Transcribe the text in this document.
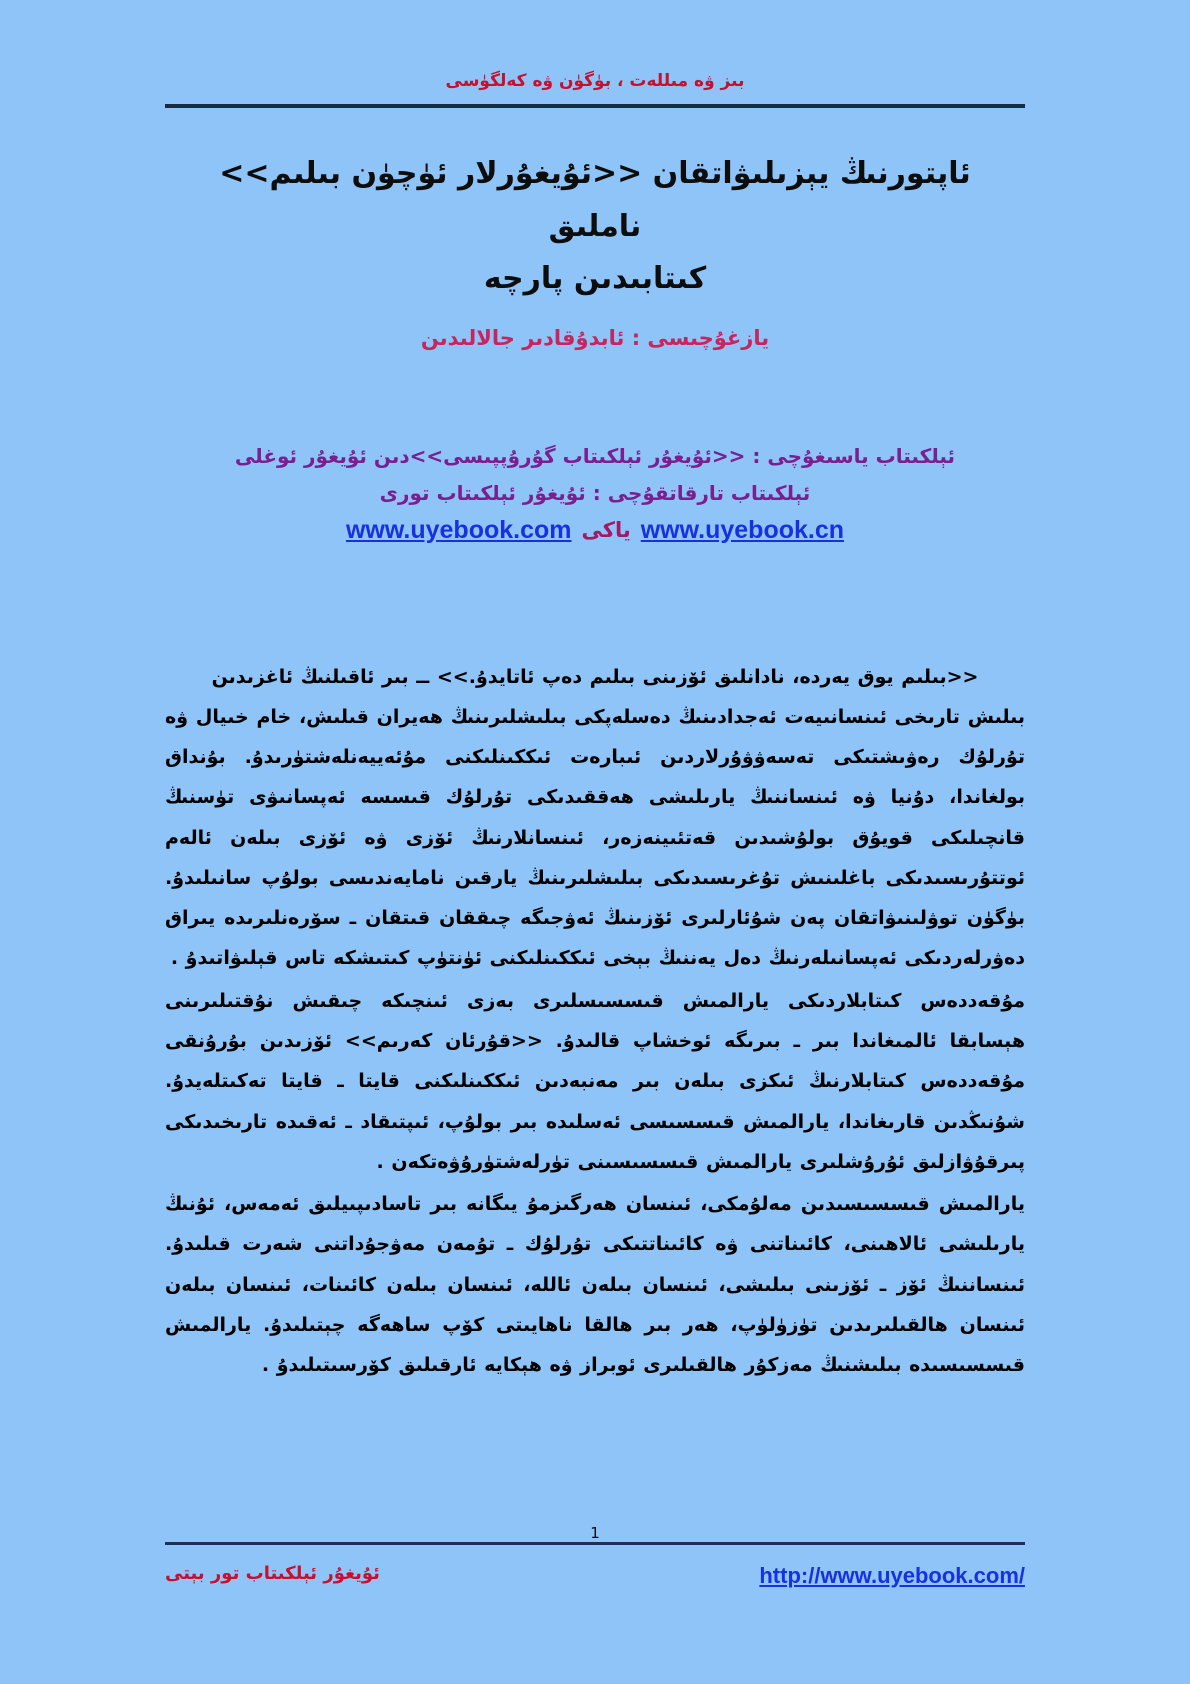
بىز ۋە مىللەت ، بۈگۈن ۋە كەلگۈسى
ئاپتورنىڭ يېزىلىۋاتقان <<ئۇيغۇرلار ئۈچۈن بىلىم>> ناملىق
كىتابىدىن پارچە
يازغۇچىسى : ئابدۇقادىر جالالىدىن
ئېلكىتاب ياسىغۇچى : <<ئۇيغۇر ئېلكىتاب گۇرۇپپىسى>>دىن ئۇيغۇر ئوغلى
ئېلكىتاب تارقاتقۇچى : ئۇيغۇر ئېلكىتاب تورى
www.uyebook.cn ياكى www.uyebook.com

<<بىلىم يوق يەردە، نادانلىق ئۆزىنى بىلىم دەپ ئاتايدۇ.>> ــ بىر ئاقىلنىڭ ئاغزىدىن
بىلىش تارىخى ئىنسانىيەت ئەجدادىنىڭ دەسلەپكى بىلىشلىرىنىڭ ھەيران قىلىش، خام خىيال ۋە تۇرلۇك رەۋىشتىكى تەسەۋۋۇرلاردىن ئىبارەت ئىككىنلىكنى مۇئەييەنلەشتۈرىدۇ. بۇنداق بولغاندا، دۇنيا ۋە ئىنساننىڭ يارىلىشى ھەققىدىكى تۇرلۇك قىسسە ئەپسانىۋى تۈسنىڭ قانچىلىكى قويۇق بولۇشىدىن قەتئىينەزەر، ئىنسانلارنىڭ ئۆزى ۋە ئۆزى بىلەن ئالەم ئوتتۇرىسىدىكى باغلىنىش تۇغرىسىدىكى بىلىشلىرىنىڭ يارقىن نامايەندىسى بولۇپ سانىلىدۇ. بۈگۈن توۋلىنىۋاتقان پەن شۇئارلىرى ئۆزىنىڭ ئەۋجىگە چىققان قىتقان ـ سۆرەنلىرىدە يىراق دەۋرلەردىكى ئەپسانىلەرنىڭ دەل يەننىڭ بېخى ئىككىنلىكنى ئۈنتۈپ كىتىشكە تاس قېلىۋاتىدۇ .

مۇقەددەس كىتابلاردىكى يارالمىش قىسسىسلىرى بەزى ئىنچىكە چىقىش نۇقتىلىرىنى ھېسابقا ئالمىغاندا بىر ـ بىرىگە ئوخشاپ قالىدۇ. <<قۇرئان كەرىم>> ئۆزىدىن بۇرۇنقى مۇقەددەس كىتابلارنىڭ ئىكزى بىلەن بىر مەنبەدىن ئىككىنلىكنى قايتا ـ قايتا تەكىتلەيدۇ. شۇنىڭدىن قارىغاندا، يارالمىش قىسسىسى ئەسلىدە بىر بولۇپ، ئىپتىقاد ـ ئەقىدە تارىخىدىكى پىرقۇۋازلىق ئۇرۇشلىرى يارالمىش قىسسىسىنى تۈرلەشتۈرۇۋەتكەن .

يارالمىش قىسسىسىدىن مەلۇمكى، ئىنسان ھەرگىزمۇ يىگانە بىر تاسادىپىيلىق ئەمەس، ئۇنىڭ يارىلىشى ئالاھىنى، كائىناتنى ۋە كائىناتتىكى تۇرلۇك ـ تۇمەن مەۋجۇداتنى شەرت قىلىدۇ. ئىنساننىڭ ئۆز ـ ئۆزىنى بىلىشى، ئىنسان بىلەن ئاللە، ئىنسان بىلەن كائىنات، ئىنسان بىلەن ئىنسان ھالقىلىرىدىن تۈزۈلۈپ، ھەر بىر ھالقا ناھايىتى كۆپ ساھەگە چېتىلىدۇ. يارالمىش قىسسىسىدە بىلىشنىڭ مەزكۇر ھالقىلىرى ئوبراز ۋە ھېكايە ئارقىلىق كۆرسىتىلىدۇ .

1
http://www.uyebook.com/
ئۇيغۇر ئېلكىتاب تور بېتى
